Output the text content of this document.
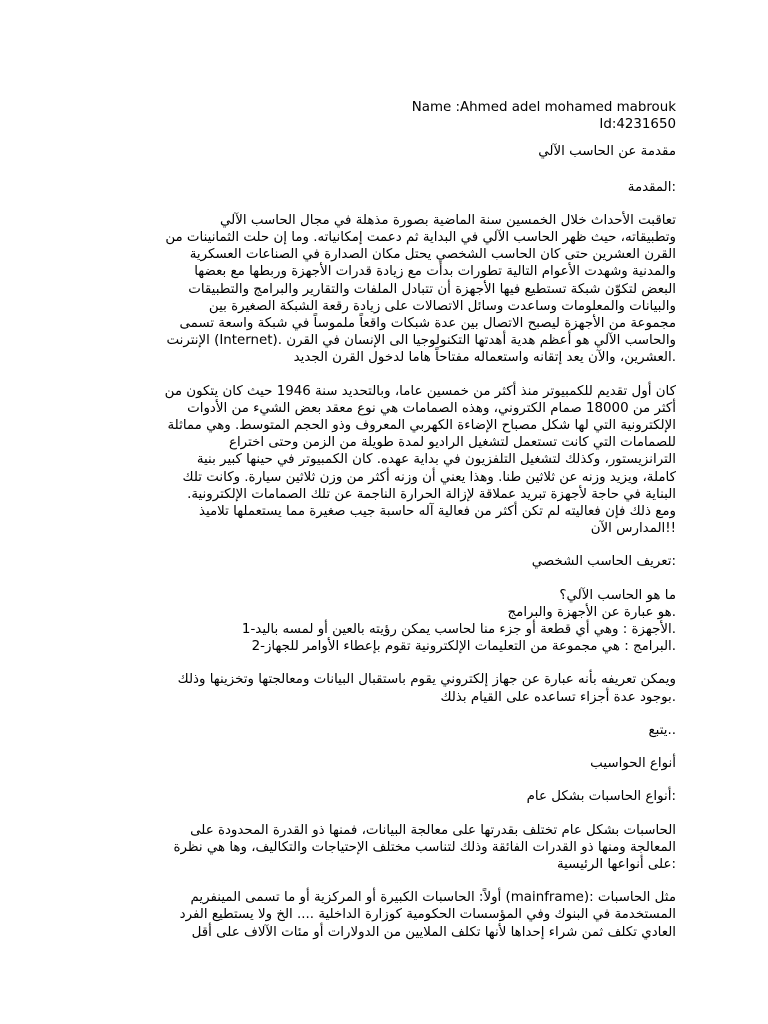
Name :Ahmed adel mohamed mabrouk
Id:4231650
مقدمة عن الحاسب الآلي
:المقدمة

تعاقبت الأحداث خلال الخمسين سنة الماضية بصورة مذهلة في مجال الحاسب الآلي

وتطبيقاته، حيث ظهر الحاسب الآلي في البداية ثم دعمت إمكانياته. وما إن حلت الثمانينات من

القرن العشرين حتى كان الحاسب الشخصي يحتل مكان الصدارة في الصناعات العسكرية

والمدنية وشهدت الأعوام التالية تطورات بدأت مع زيادة قدرات الأجهزة وربطها مع بعضها

البعض لتكوّن شبكة تستطيع فيها الأجهزة أن تتبادل الملفات والتقارير والبرامج والتطبيقات

والبيانات والمعلومات وساعدت وسائل الاتصالات على زيادة رقعة الشبكة الصغيرة بين

مجموعة من الأجهزة ليصبح الاتصال بين عدة شبكات واقعاً ملموساً في شبكة واسعة تسمى

والحاسب الآلي هو أعظم هدية أهدتها التكنولوجيا الى الإنسان في القرن .(Internet) الإنترنت

.العشرين، والآن يعد إتقانه واستعماله مفتاحاً هاما لدخول القرن الجديد

كان أول تقديم للكمبيوتر منذ أكثر من خمسين عاما، وبالتحديد سنة 1946 حيث كان يتكون من

أكثر من 18000 صمام الكتروني، وهذه الصمامات هي نوع معقد بعض الشيء من الأدوات

الإلكترونية التي لها شكل مصباح الإضاءة الكهربي المعروف وذو الحجم المتوسط. وهي مماثلة

للصمامات التي كانت تستعمل لتشغيل الراديو لمدة طويلة من الزمن وحتى اختراع

الترانزيستور، وكذلك لتشغيل التلفزيون في بداية عهده. كان الكمبيوتر في حينها كبير بنية

كاملة، ويزيد وزنه عن ثلاثين طنا. وهذا يعني أن وزنه أكثر من وزن ثلاثين سيارة. وكانت تلك

البناية في حاجة لأجهزة تبريد عملاقة لإزالة الحرارة الناجمة عن تلك الصمامات الإلكترونية.

ومع ذلك فإن فعاليته لم تكن أكثر من فعالية آله حاسبة جيب صغيرة مما يستعملها تلاميذ

!!المدارس الآن

:تعريف الحاسب الشخصي

ما هو الحاسب الآلي؟

.هو عبارة عن الأجهزة والبرامج

.الأجهزة : وهي أي قطعة أو جزء منا لحاسب يمكن رؤيته بالعين أو لمسه باليد-1

.البرامج : هي مجموعة من التعليمات الإلكترونية تقوم بإعطاء الأوامر للجهاز-2

ويمكن تعريفه بأنه عبارة عن جهاز إلكتروني يقوم باستقبال البيانات ومعالجتها وتخزينها وذلك

.بوجود عدة أجزاء تساعده على القيام بذلك

..يتبع
أنواع الحواسيب
:أنواع الحاسبات بشكل عام

الحاسبات بشكل عام تختلف بقدرتها على معالجة البيانات، فمنها ذو القدرة المحدودة على

المعالجة ومنها ذو القدرات الفائقة وذلك لتناسب مختلف الإحتياجات والتكاليف، وها هي نظرة

:على أنواعها الرئيسية

مثل الحاسبات :(mainframe) أولاً: الحاسبات الكبيرة أو المركزية أو ما تسمى المينفريم

المستخدمة في البنوك وفي المؤسسات الحكومية كوزارة الداخلية .... الخ ولا يستطيع الفرد

العادي تكلف ثمن شراء إحداها لأنها تكلف الملايين من الدولارات أو مئات الآلاف على أقل
